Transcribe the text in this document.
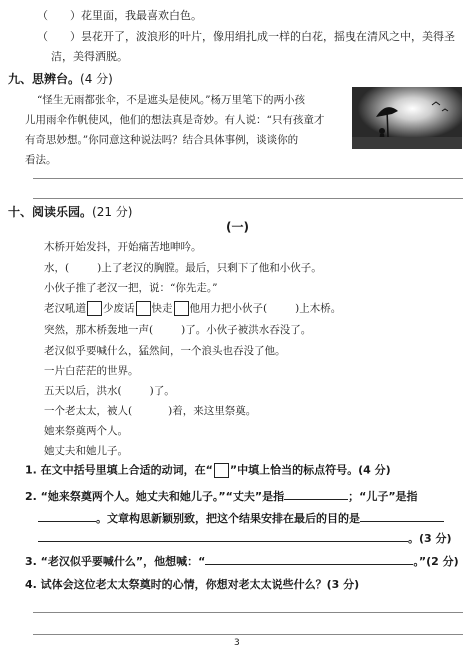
（　　）花里面，我最喜欢白色。
（　　）昙花开了，波浪形的叶片，像用绢扎成一样的白花，摇曳在清风之中，美得圣
洁，美得洒脱。
九、思辨台。(4 分)
“怪生无雨都张伞，不是遮头是使风。”杨万里笔下的两小孩
儿用雨伞作帆使风，他们的想法真是奇妙。有人说：“只有孩童才
有奇思妙想。”你同意这种说法吗？结合具体事例，谈谈你的
看法。
十、阅读乐园。(21 分)
(一)
木桥开始发抖，开始痛苦地呻吟。
水，(	)上了老汉的胸膛。最后，只剩下了他和小伙子。
小伙子推了老汉一把，说：“你先走。”
老汉吼道 少废话 快走 他用力把小伙子(	)上木桥。
突然，那木桥轰地一声(	)了。小伙子被洪水吞没了。
老汉似乎要喊什么，猛然间，一个浪头也吞没了他。
一片白茫茫的世界。
五天以后，洪水(	)了。
一个老太太，被人(	)着，来这里祭奠。
她来祭奠两个人。
她丈夫和她儿子。
1. 在文中括号里填上合适的动词，在“ ”中填上恰当的标点符号。(4 分)
2. “她来祭奠两个人。她丈夫和她儿子。”“丈夫”是指	；“儿子”是指
。文章构思新颖别致，把这个结果安排在最后的目的是
。(3 分)
3. “老汉似乎要喊什么”，他想喊：“	。”(2 分)
4. 试体会这位老太太祭奠时的心情，你想对老太太说些什么？(3 分)
3
